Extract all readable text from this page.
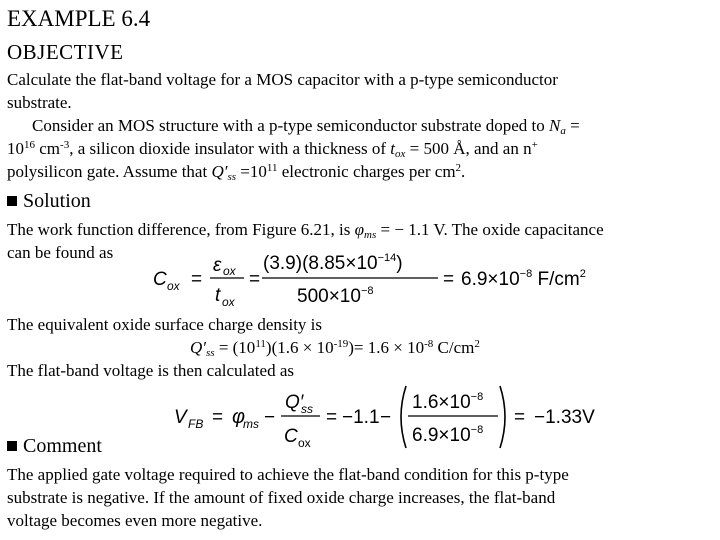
EXAMPLE 6.4
OBJECTIVE
Calculate the flat-band voltage for a MOS capacitor with a p-type semiconductor
substrate.
Consider an MOS structure with a p-type semiconductor substrate doped to $N_a$ =
$10^{16}$ $cm^{-3}$, a silicon dioxide insulator with a thickness of $t_{ox} = 500$ Å, and an n+
polysilicon gate. Assume that $Q'_{ss} =10^{11}$ electronic charges per $cm^2$.
Solution
The work function difference, from Figure 6.21, is $\varphi_{ms}$ = − 1.1 V. The oxide capacitance
can be found as
C ox =
ε ox
t ox
=
$(3.9)(8.85\times 10^{-14})$
$500\times 10^{-8}$
= $6.9\times 10^{-8}$ $F/cm^2$
The equivalent oxide surface charge density is
$Q'_{ss} = (10^{11})(1.6 \times 10^{-19})= 1.6 \times 10^{-8}$ $C/cm^2$
The flat-band voltage is then calculated as
V FB = φ
ms −
Q′
ss
C ox
= −1.1 −
$1.6\times 10^{-8}$
$6.9\times 10^{-8}$
= −1.33V
Comment
The applied gate voltage required to achieve the flat-band condition for this p-type
substrate is negative. If the amount of fixed oxide charge increases, the flat-band
voltage becomes even more negative.
